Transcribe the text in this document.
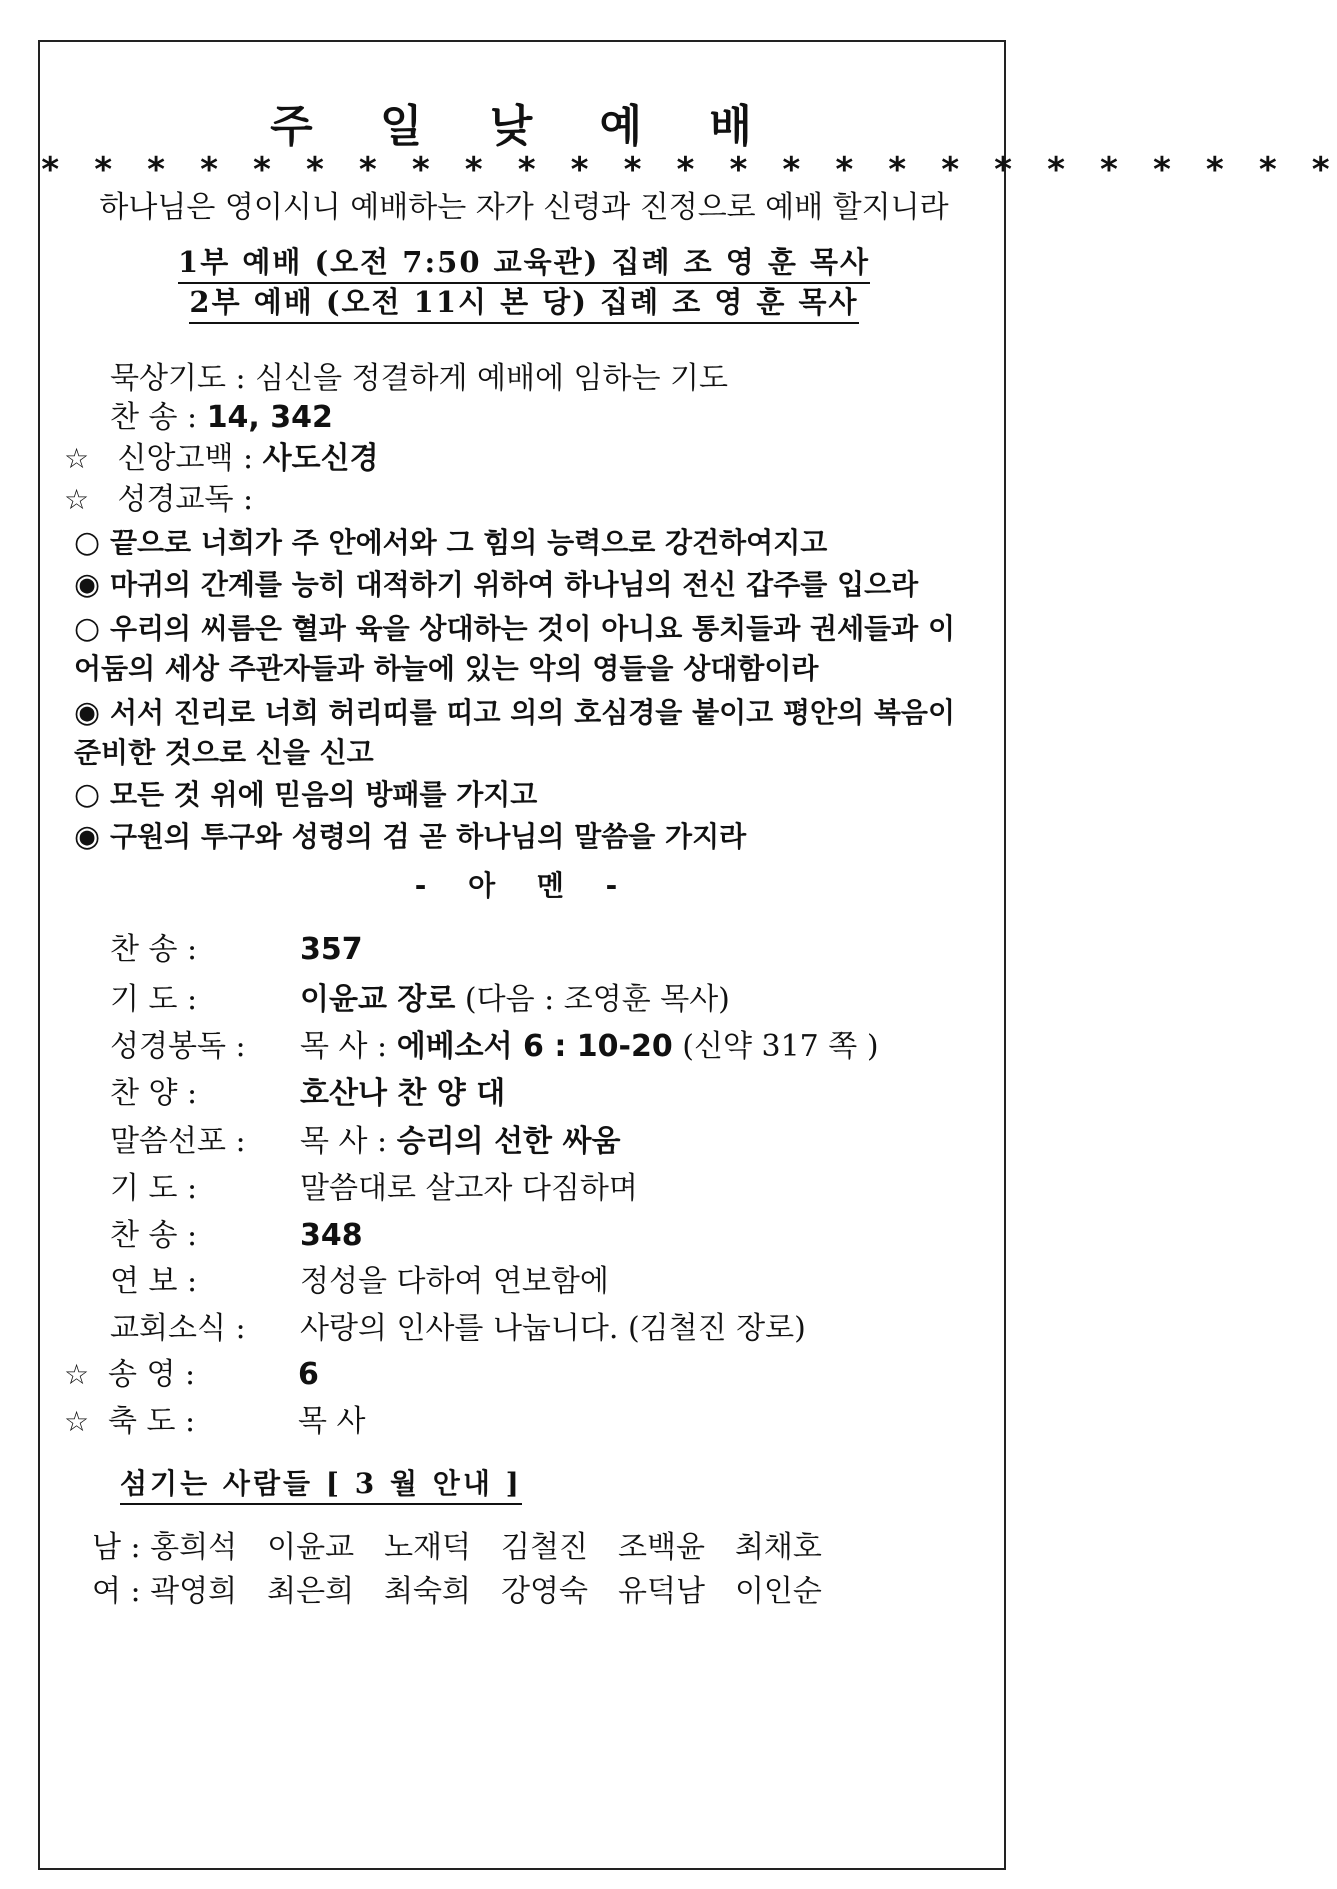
주 일 낮 예 배
* * * * * * * * * * * * * * * * * * * * * * * * *
하나님은 영이시니 예배하는 자가 신령과 진정으로 예배 할지니라
1부 예배 (오전 7:50 교육관) 집례 조 영 훈 목사
2부 예배 (오전 11시 본 당) 집례 조 영 훈 목사
묵상기도 : 심신을 정결하게 예배에 임하는 기도
찬 송 : 14, 342
☆ 신앙고백 : 사도신경
☆ 성경교독 :
○ 끝으로 너희가 주 안에서와 그 힘의 능력으로 강건하여지고
◉ 마귀의 간계를 능히 대적하기 위하여 하나님의 전신 갑주를 입으라
○ 우리의 씨름은 혈과 육을 상대하는 것이 아니요 통치들과 권세들과 이
어둠의 세상 주관자들과 하늘에 있는 악의 영들을 상대함이라
◉ 서서 진리로 너희 허리띠를 띠고 의의 호심경을 붙이고 평안의 복음이
준비한 것으로 신을 신고
○ 모든 것 위에 믿음의 방패를 가지고
◉ 구원의 투구와 성령의 검 곧 하나님의 말씀을 가지라
- 아 멘 -
찬 송 :	357
기 도 :	이윤교 장로 (다음 : 조영훈 목사)
성경봉독 : 목 사 : 에베소서 6 : 10-20 (신약 317 쪽 )
찬 양 :	호산나 찬 양 대
말씀선포 : 목 사 : 승리의 선한 싸움
기 도 :	말씀대로 살고자 다짐하며
찬 송 :	348
연 보 :	정성을 다하여 연보함에
교회소식 : 사랑의 인사를 나눕니다. (김철진 장로)
☆ 송 영 :	6
☆ 축 도 :	목 사
섬기는 사람들 [ 3 월 안내 ]
남 : 홍희석 이윤교 노재덕 김철진 조백윤 최채호
여 : 곽영희 최은희 최숙희 강영숙 유덕남 이인순
